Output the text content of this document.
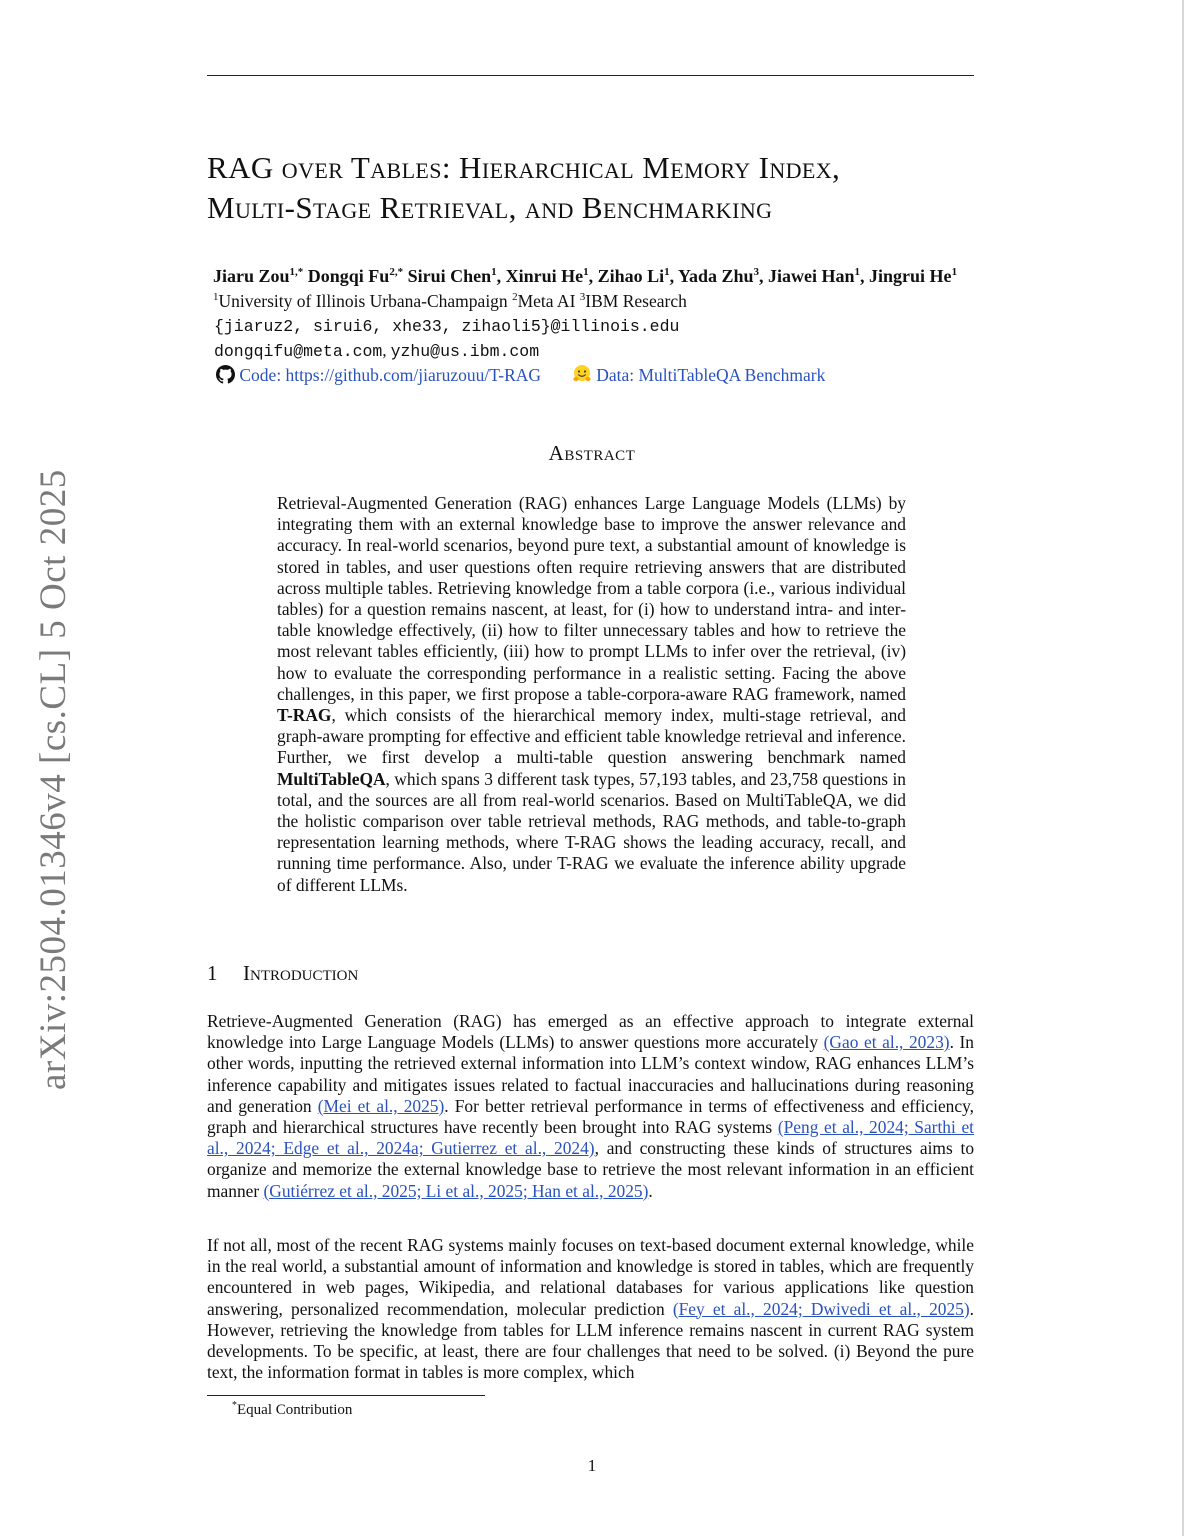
RAG over Tables: Hierarchical Memory Index,
Multi-Stage Retrieval, and Benchmarking
Jiaru Zou$^{1,*}$ Dongqi $Fu^{2,*}$ Sirui Chen$^1$, Xinrui He$^1$, Zihao Li$^1$, Yada Zhu$^3$, Jiawei Han$^1$, Jingrui He$^1$
$^1$University of Illinois Urbana-Champaign $^2$Meta AI $^3$IBM Research
{jiaruz2, sirui6, xhe33, zihaoli5}@illinois.edu
dongqifu@meta.com, yzhu@us.ibm.com
Code: https://github.com/jiaruzouu/T-RAG	Data: MultiTableQA Benchmark
arXiv:2504.01346v4 [cs.CL] 5 Oct 2025
Abstract
Retrieval-Augmented Generation (RAG) enhances Large Language Models (LLMs) by integrating them with an external knowledge base to improve the answer relevance and accuracy. In real-world scenarios, beyond pure text, a substantial amount of knowledge is stored in tables, and user questions often require retrieving answers that are distributed across multiple tables. Retrieving knowledge from a table corpora (i.e., various individual tables) for a question remains nascent, at least, for (i) how to understand intra- and inter-table knowledge effectively, (ii) how to filter unnecessary tables and how to retrieve the most relevant tables efficiently, (iii) how to prompt LLMs to infer over the retrieval, (iv) how to evaluate the corresponding performance in a realistic setting. Facing the above challenges, in this paper, we first propose a table-corpora-aware RAG framework, named T-RAG, which consists of the hierarchical memory index, multi-stage retrieval, and graph-aware prompting for effective and efficient table knowledge retrieval and inference. Further, we first develop a multi-table question answering benchmark named MultiTableQA, which spans 3 different task types, 57,193 tables, and 23,758 questions in total, and the sources are all from real-world scenarios. Based on MultiTableQA, we did the holistic comparison over table retrieval methods, RAG methods, and table-to-graph representation learning methods, where T-RAG shows the leading accuracy, recall, and running time performance. Also, under T-RAG we evaluate the inference ability upgrade of different LLMs.
1 Introduction
Retrieve-Augmented Generation (RAG) has emerged as an effective approach to integrate external knowledge into Large Language Models (LLMs) to answer questions more accurately (Gao et al., 2023). In other words, inputting the retrieved external information into LLM’s context window, RAG enhances LLM’s inference capability and mitigates issues related to factual inaccuracies and hallucinations during reasoning and generation (Mei et al., 2025). For better retrieval performance in terms of effectiveness and efficiency, graph and hierarchical structures have recently been brought into RAG systems (Peng et al., 2024; Sarthi et al., 2024; Edge et al., 2024a; Gutierrez et al., 2024), and constructing these kinds of structures aims to organize and memorize the external knowledge base to retrieve the most relevant information in an efficient manner (Gutiérrez et al., 2025; Li et al., 2025; Han et al., 2025).
If not all, most of the recent RAG systems mainly focuses on text-based document external knowledge, while in the real world, a substantial amount of information and knowledge is stored in tables, which are frequently encountered in web pages, Wikipedia, and relational databases for various applications like question answering, personalized recommendation, molecular prediction (Fey et al., 2024; Dwivedi et al., 2025). However, retrieving the knowledge from tables for LLM inference remains nascent in current RAG system developments. To be specific, at least, there are four challenges that need to be solved. (i) Beyond the pure text, the information format in tables is more complex, which
*Equal Contribution
1
